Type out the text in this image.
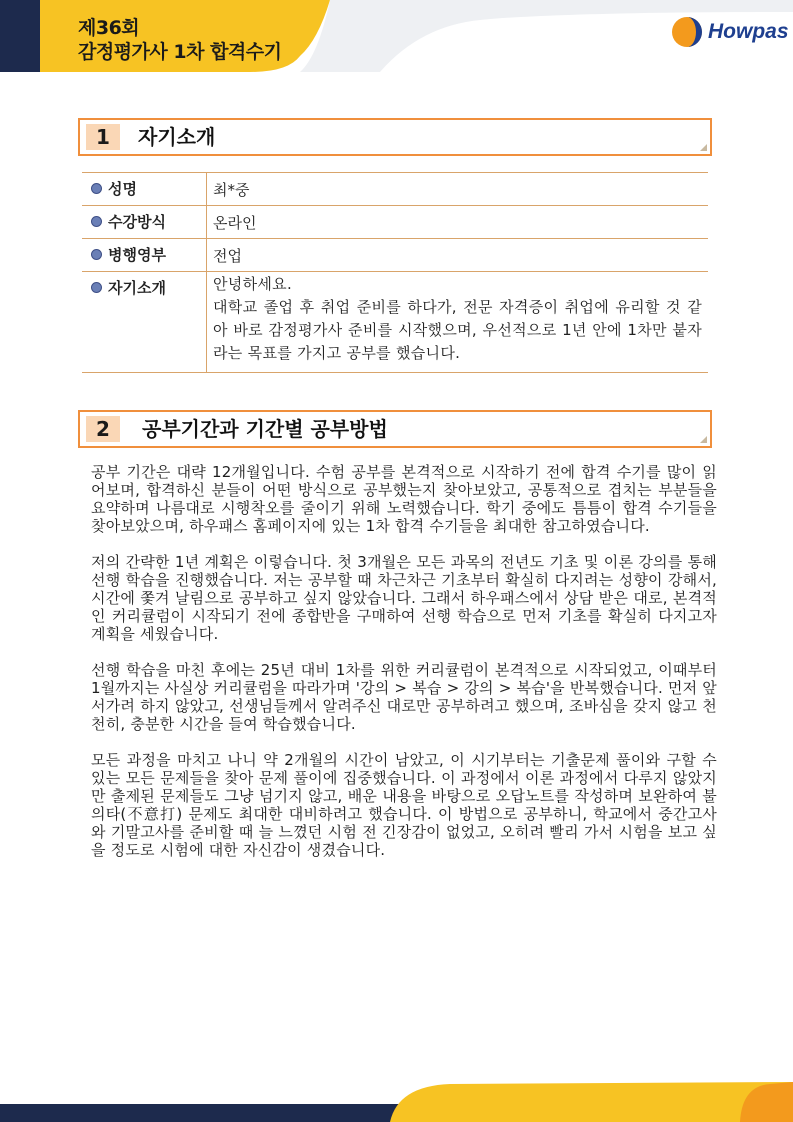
제36회
감정평가사 1차 합격수기
Howpas
1	자기소개
성명	최*중

수강방식	온라인

병행영부	전업

자기소개	안녕하세요.

대학교 졸업 후 취업 준비를 하다가, 전문 자격증이 취업에 유리할 것 같아 바로 감정평가사 준비를 시작했으며, 우선적으로 1년 안에 1차만 붙자라는 목표를 가지고 공부를 했습니다.

2	공부기간과 기간별 공부방법

공부 기간은 대략 12개월입니다. 수험 공부를 본격적으로 시작하기 전에 합격 수기를 많이 읽어보며, 합격하신 분들이 어떤 방식으로 공부했는지 찾아보았고, 공통적으로 겹치는 부분들을 요약하며 나름대로 시행착오를 줄이기 위해 노력했습니다. 학기 중에도 틈틈이 합격 수기들을 찾아보았으며, 하우패스 홈페이지에 있는 1차 합격 수기들을 최대한 참고하였습니다.

저의 간략한 1년 계획은 이렇습니다. 첫 3개월은 모든 과목의 전년도 기초 및 이론 강의를 통해 선행 학습을 진행했습니다. 저는 공부할 때 차근차근 기초부터 확실히 다지려는 성향이 강해서, 시간에 쫓겨 날림으로 공부하고 싶지 않았습니다. 그래서 하우패스에서 상담 받은 대로, 본격적인 커리큘럼이 시작되기 전에 종합반을 구매하여 선행 학습으로 먼저 기초를 확실히 다지고자 계획을 세웠습니다.

선행 학습을 마친 후에는 25년 대비 1차를 위한 커리큘럼이 본격적으로 시작되었고, 이때부터 1월까지는 사실상 커리큘럼을 따라가며 '강의 > 복습 > 강의 > 복습'을 반복했습니다. 먼저 앞서가려 하지 않았고, 선생님들께서 알려주신 대로만 공부하려고 했으며, 조바심을 갖지 않고 천천히, 충분한 시간을 들여 학습했습니다.

모든 과정을 마치고 나니 약 2개월의 시간이 남았고, 이 시기부터는 기출문제 풀이와 구할 수 있는 모든 문제들을 찾아 문제 풀이에 집중했습니다. 이 과정에서 이론 과정에서 다루지 않았지만 출제된 문제들도 그냥 넘기지 않고, 배운 내용을 바탕으로 오답노트를 작성하며 보완하여 불의타(不意打) 문제도 최대한 대비하려고 했습니다. 이 방법으로 공부하니, 학교에서 중간고사와 기말고사를 준비할 때 늘 느꼈던 시험 전 긴장감이 없었고, 오히려 빨리 가서 시험을 보고 싶을 정도로 시험에 대한 자신감이 생겼습니다.
